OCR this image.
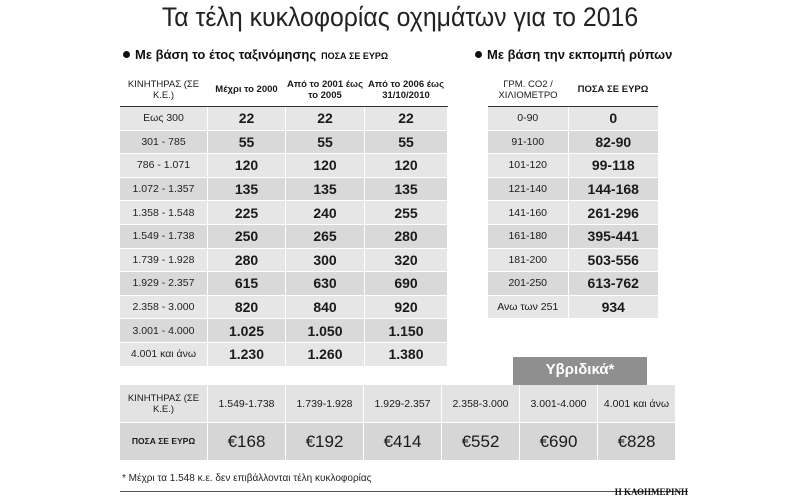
Τα τέλη κυκλοφορίας οχημάτων για το 2016
Με βάση το έτος ταξινόμησης ΠΟΣΑ ΣΕ ΕΥΡΩ	Με βάση την εκπομπή ρύπων
ΚΙΝΗΤΗΡΑΣ (ΣΕ Κ.Ε.)	Μέχρι το 2000	Από το 2001 έως το 2005	Από το 2006 έως 31/10/2010
Εως 300	22	22	22
301 - 785	55	55	55
786 - 1.071	120	120	120
1.072 - 1.357	135	135	135
1.358 - 1.548	225	240	255
1.549 - 1.738	250	265	280
1.739 - 1.928	280	300	320
1.929 - 2.357	615	630	690
2.358 - 3.000	820	840	920
3.001 - 4.000	1.025	1.050	1.150
4.001 και άνω	1.230	1.260	1.380
ΓΡΜ. CO2 / ΧΙΛΙΟΜΕΤΡΟ	ΠΟΣΑ ΣΕ ΕΥΡΩ
0-90	0
91-100	82-90
101-120	99-118
121-140	144-168
141-160	261-296
161-180	395-441
181-200	503-556
201-250	613-762
Ανω των 251	934
Υβριδικά*
ΚΙΝΗΤΗΡΑΣ (ΣΕ Κ.Ε.)	1.549-1.738	1.739-1.928	1.929-2.357	2.358-3.000	3.001-4.000	4.001 και άνω
ΠΟΣΑ ΣΕ ΕΥΡΩ	€168	€192	€414	€552	€690	€828
* Μέχρι τα 1.548 κ.ε. δεν επιβάλλονται τέλη κυκλοφορίας
Η ΚΑΘΗΜΕΡΙΝΗ
